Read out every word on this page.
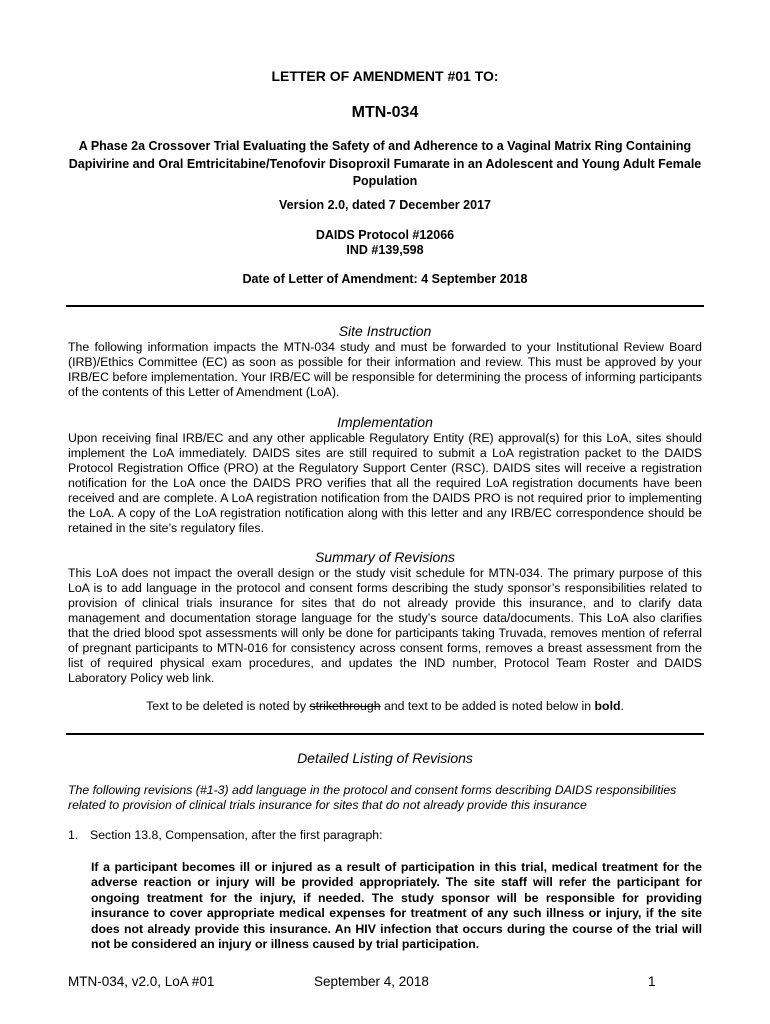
LETTER OF AMENDMENT #01 TO:
MTN-034
A Phase 2a Crossover Trial Evaluating the Safety of and Adherence to a Vaginal Matrix Ring Containing Dapivirine and Oral Emtricitabine/Tenofovir Disoproxil Fumarate in an Adolescent and Young Adult Female Population
Version 2.0, dated 7 December 2017
DAIDS Protocol #12066
IND #139,598
Date of Letter of Amendment: 4 September 2018
Site Instruction
The following information impacts the MTN-034 study and must be forwarded to your Institutional Review Board (IRB)/Ethics Committee (EC) as soon as possible for their information and review. This must be approved by your IRB/EC before implementation. Your IRB/EC will be responsible for determining the process of informing participants of the contents of this Letter of Amendment (LoA).
Implementation
Upon receiving final IRB/EC and any other applicable Regulatory Entity (RE) approval(s) for this LoA, sites should implement the LoA immediately. DAIDS sites are still required to submit a LoA registration packet to the DAIDS Protocol Registration Office (PRO) at the Regulatory Support Center (RSC). DAIDS sites will receive a registration notification for the LoA once the DAIDS PRO verifies that all the required LoA registration documents have been received and are complete. A LoA registration notification from the DAIDS PRO is not required prior to implementing the LoA. A copy of the LoA registration notification along with this letter and any IRB/EC correspondence should be retained in the site’s regulatory files.
Summary of Revisions
This LoA does not impact the overall design or the study visit schedule for MTN-034. The primary purpose of this LoA is to add language in the protocol and consent forms describing the study sponsor’s responsibilities related to provision of clinical trials insurance for sites that do not already provide this insurance, and to clarify data management and documentation storage language for the study’s source data/documents. This LoA also clarifies that the dried blood spot assessments will only be done for participants taking Truvada, removes mention of referral of pregnant participants to MTN-016 for consistency across consent forms, removes a breast assessment from the list of required physical exam procedures, and updates the IND number, Protocol Team Roster and DAIDS Laboratory Policy web link.
Text to be deleted is noted by strikethrough and text to be added is noted below in bold.
Detailed Listing of Revisions
The following revisions (#1-3) add language in the protocol and consent forms describing DAIDS responsibilities related to provision of clinical trials insurance for sites that do not already provide this insurance
1. Section 13.8, Compensation, after the first paragraph:
If a participant becomes ill or injured as a result of participation in this trial, medical treatment for the adverse reaction or injury will be provided appropriately. The site staff will refer the participant for ongoing treatment for the injury, if needed. The study sponsor will be responsible for providing insurance to cover appropriate medical expenses for treatment of any such illness or injury, if the site does not already provide this insurance. An HIV infection that occurs during the course of the trial will not be considered an injury or illness caused by trial participation.
MTN-034, v2.0, LoA #01	September 4, 2018	1
